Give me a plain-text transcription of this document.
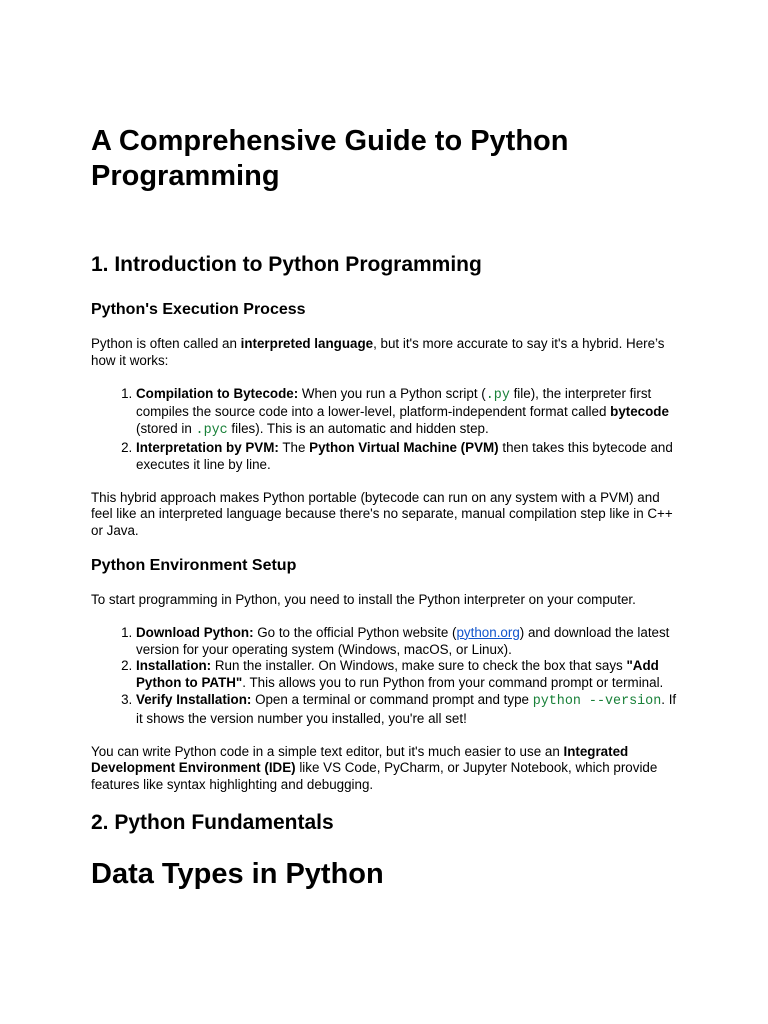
A Comprehensive Guide to Python Programming
1. Introduction to Python Programming
Python's Execution Process

Python is often called an interpreted language, but it's more accurate to say it's a hybrid. Here’s how it works:

1. Compilation to Bytecode: When you run a Python script (.py file), the interpreter first compiles the source code into a lower-level, platform-independent format called bytecode (stored in .pyc files). This is an automatic and hidden step.
2. Interpretation by PVM: The Python Virtual Machine (PVM) then takes this bytecode and executes it line by line.

This hybrid approach makes Python portable (bytecode can run on any system with a PVM) and feel like an interpreted language because there's no separate, manual compilation step like in C++ or Java.

Python Environment Setup

To start programming in Python, you need to install the Python interpreter on your computer.

1. Download Python: Go to the official Python website (python.org) and download the latest version for your operating system (Windows, macOS, or Linux).
2. Installation: Run the installer. On Windows, make sure to check the box that says "Add Python to PATH". This allows you to run Python from your command prompt or terminal.
3. Verify Installation: Open a terminal or command prompt and type python --version. If it shows the version number you installed, you're all set!

You can write Python code in a simple text editor, but it's much easier to use an Integrated Development Environment (IDE) like VS Code, PyCharm, or Jupyter Notebook, which provide features like syntax highlighting and debugging.

2. Python Fundamentals
Data Types in Python
